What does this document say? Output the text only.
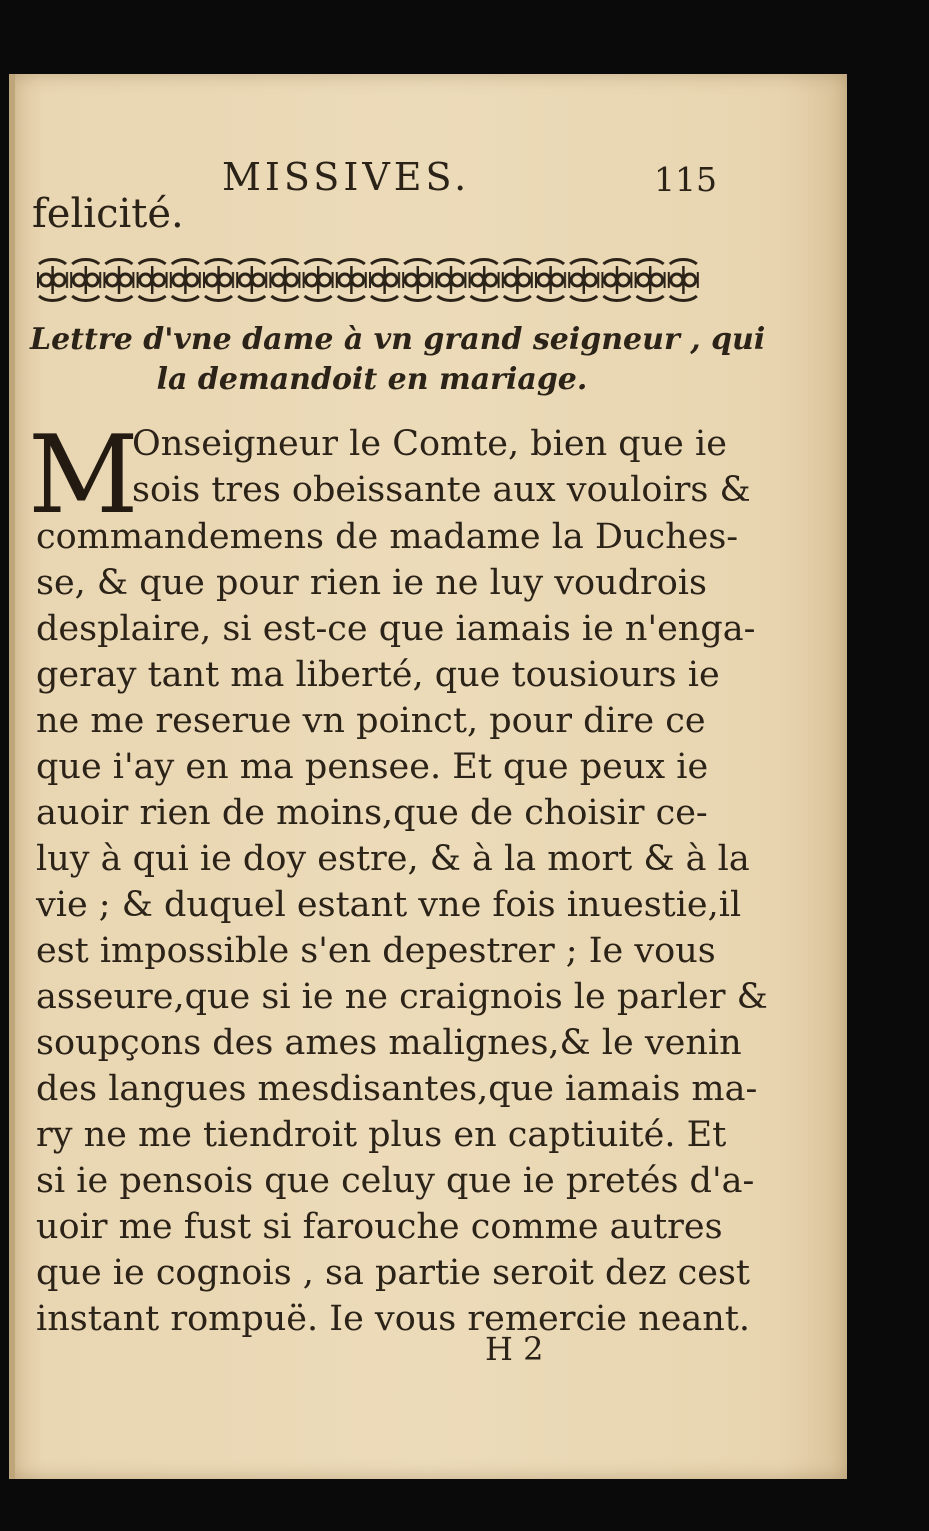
MISSIVES.	115

felicité.

Lettre d'vne dame à vn grand seigneur , qui

la demandoit en mariage.

M

Onseigneur le Comte, bien que ie

sois tres obeissante aux vouloirs &

commandemens de madame la Duches-

se, & que pour rien ie ne luy voudrois

desplaire, si est-ce que iamais ie n'enga-

geray tant ma liberté, que tousiours ie

ne me reserue vn poinct, pour dire ce

que i'ay en ma pensee. Et que peux ie

auoir rien de moins,que de choisir ce-

luy à qui ie doy estre, & à la mort & à la

vie ; & duquel estant vne fois inuestie,il

est impossible s'en depestrer ; Ie vous

asseure,que si ie ne craignois le parler &

soupçons des ames malignes,& le venin

des langues mesdisantes,que iamais ma-

ry ne me tiendroit plus en captiuité. Et

si ie pensois que celuy que ie pretés d'a-

uoir me fust si farouche comme autres

que ie cognois , sa partie seroit dez cest

instant rompuë. Ie vous remercie neant.

H 2
